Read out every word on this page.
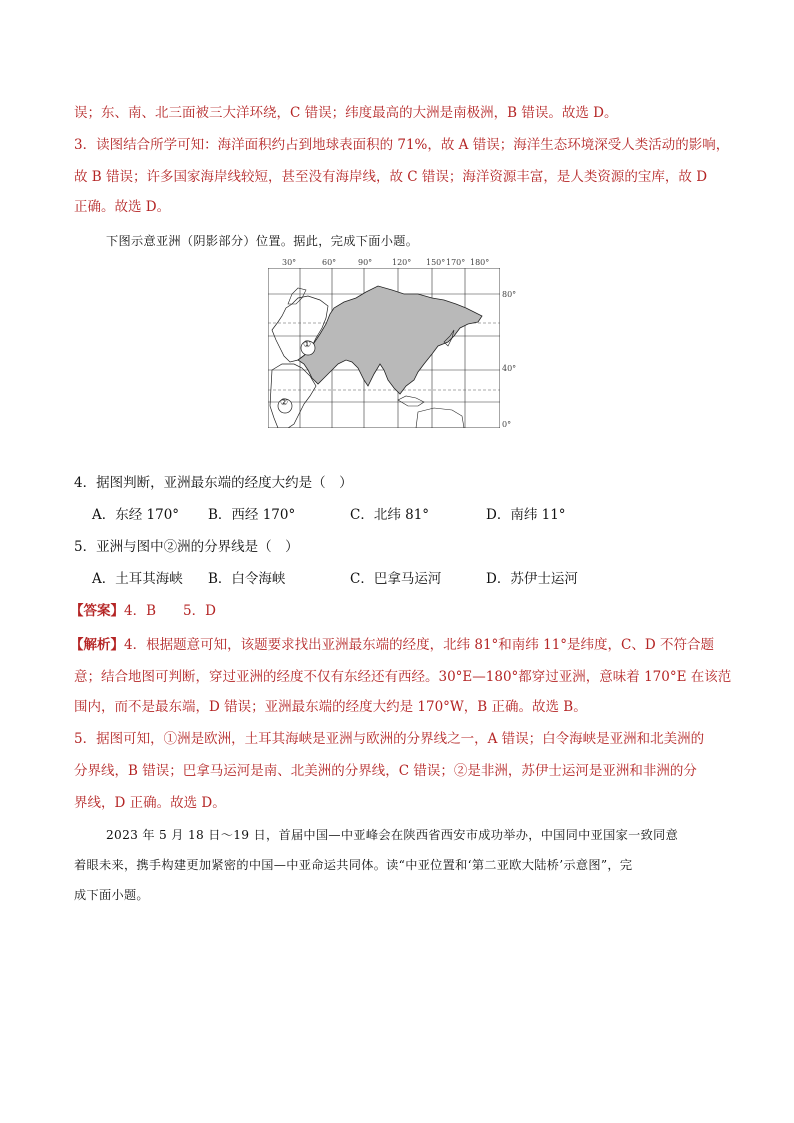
误；东、南、北三面被三大洋环绕，C 错误；纬度最高的大洲是南极洲，B 错误。故选 D。
3．读图结合所学可知：海洋面积约占到地球表面积的 71%，故 A 错误；海洋生态环境深受人类活动的影响，
故 B 错误；许多国家海岸线较短，甚至没有海岸线，故 C 错误；海洋资源丰富，是人类资源的宝库，故 D
正确。故选 D。
下图示意亚洲（阴影部分）位置。据此，完成下面小题。
30°	60°	90° 120° 150° 170° 180°
80°
40°
0°
①
②
4．据图判断，亚洲最东端的经度大约是（　）
A．东经 170° B．西经 170°	C．北纬 81°	D．南纬 11°
5．亚洲与图中②洲的分界线是（　）
A．土耳其海峡 B．白令海峡	C．巴拿马运河	D．苏伊士运河
【答案】4．B　　5．D
【解析】4．根据题意可知，该题要求找出亚洲最东端的经度，北纬 81°和南纬 11°是纬度，C、D 不符合题
意；结合地图可判断，穿过亚洲的经度不仅有东经还有西经。30°E—180°都穿过亚洲，意味着 170°E 在该范
围内，而不是最东端，D 错误；亚洲最东端的经度大约是 170°W，B 正确。故选 B。
5．据图可知，①洲是欧洲，土耳其海峡是亚洲与欧洲的分界线之一，A 错误；白令海峡是亚洲和北美洲的
分界线，B 错误；巴拿马运河是南、北美洲的分界线，C 错误；②是非洲，苏伊士运河是亚洲和非洲的分
界线，D 正确。故选 D。
2023 年 5 月 18 日～19 日，首届中国—中亚峰会在陕西省西安市成功举办，中国同中亚国家一致同意
着眼未来，携手构建更加紧密的中国—中亚命运共同体。读“中亚位置和‘第二亚欧大陆桥’示意图”，完
成下面小题。
